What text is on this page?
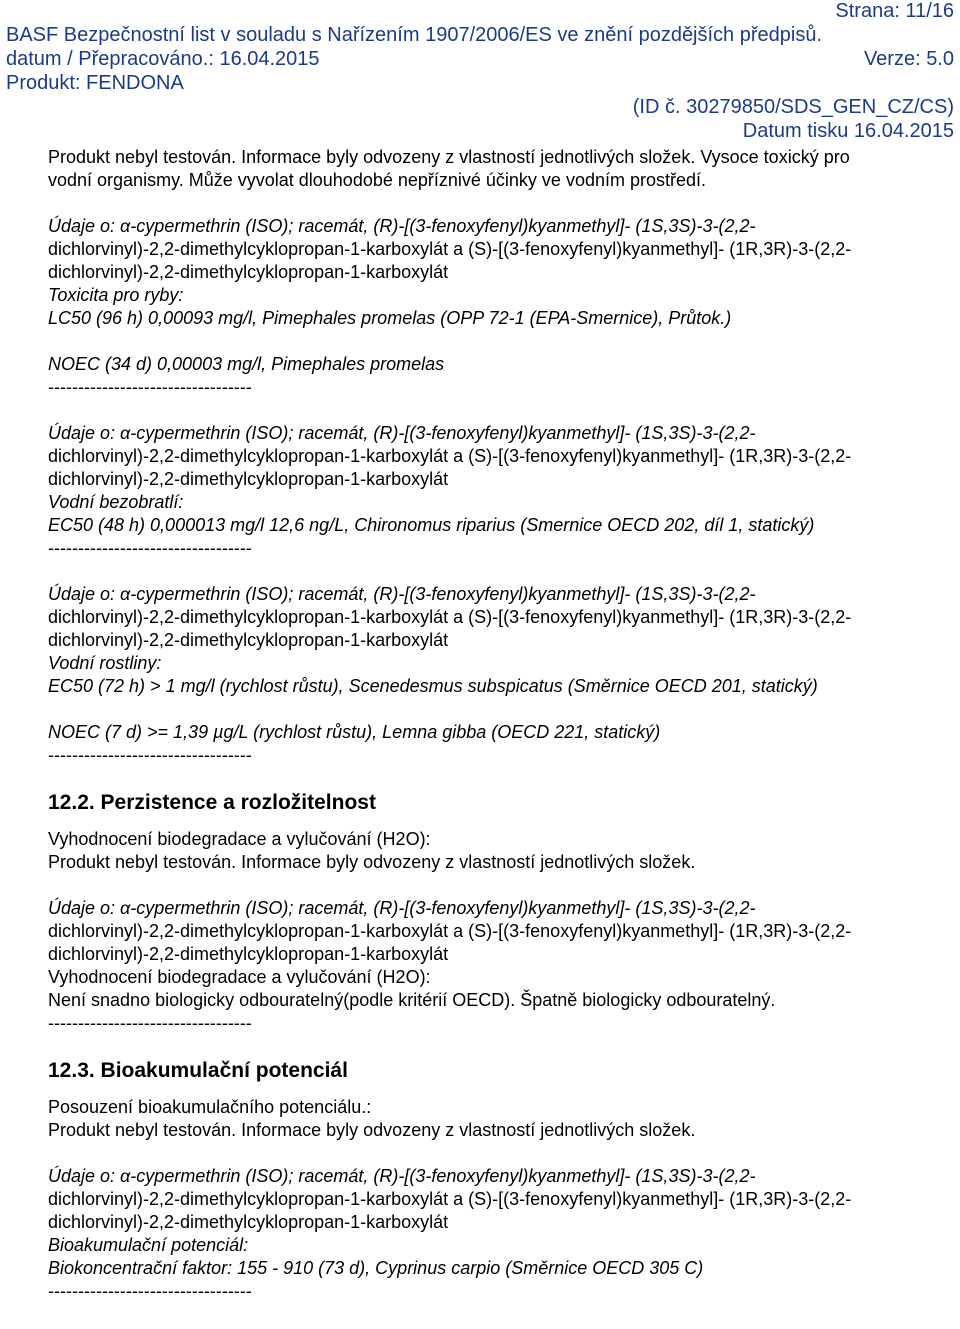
Strana: 11/16
BASF Bezpečnostní list v souladu s Nařízením 1907/2006/ES ve znění pozdějších předpisů.
datum / Přepracováno.: 16.04.2015	Verze: 5.0
Produkt: FENDONA
(ID č. 30279850/SDS_GEN_CZ/CS)
Datum tisku 16.04.2015

Produkt nebyl testován. Informace byly odvozeny z vlastností jednotlivých složek. Vysoce toxický pro

vodní organismy. Může vyvolat dlouhodobé nepříznivé účinky ve vodním prostředí.

Údaje o: α-cypermethrin (ISO); racemát, (R)-[(3-fenoxyfenyl)kyanmethyl]- (1S,3S)-3-(2,2-

dichlorvinyl)-2,2-dimethylcyklopropan-1-karboxylát a (S)-[(3-fenoxyfenyl)kyanmethyl]- (1R,3R)-3-(2,2-

dichlorvinyl)-2,2-dimethylcyklopropan-1-karboxylát

Toxicita pro ryby:

LC50 (96 h) 0,00093 mg/l, Pimephales promelas (OPP 72-1 (EPA-Smernice), Průtok.)

NOEC (34 d) 0,00003 mg/l, Pimephales promelas

----------------------------------

Údaje o: α-cypermethrin (ISO); racemát, (R)-[(3-fenoxyfenyl)kyanmethyl]- (1S,3S)-3-(2,2-

dichlorvinyl)-2,2-dimethylcyklopropan-1-karboxylát a (S)-[(3-fenoxyfenyl)kyanmethyl]- (1R,3R)-3-(2,2-

dichlorvinyl)-2,2-dimethylcyklopropan-1-karboxylát

Vodní bezobratlí:

EC50 (48 h) 0,000013 mg/l 12,6 ng/L, Chironomus riparius (Smernice OECD 202, díl 1, statický)

----------------------------------

Údaje o: α-cypermethrin (ISO); racemát, (R)-[(3-fenoxyfenyl)kyanmethyl]- (1S,3S)-3-(2,2-

dichlorvinyl)-2,2-dimethylcyklopropan-1-karboxylát a (S)-[(3-fenoxyfenyl)kyanmethyl]- (1R,3R)-3-(2,2-

dichlorvinyl)-2,2-dimethylcyklopropan-1-karboxylát

Vodní rostliny:

EC50 (72 h) > 1 mg/l (rychlost růstu), Scenedesmus subspicatus (Směrnice OECD 201, statický)

NOEC (7 d) >= 1,39 µg/L (rychlost růstu), Lemna gibba (OECD 221, statický)

----------------------------------

12.2. Perzistence a rozložitelnost

Vyhodnocení biodegradace a vylučování (H2O):

Produkt nebyl testován. Informace byly odvozeny z vlastností jednotlivých složek.

Údaje o: α-cypermethrin (ISO); racemát, (R)-[(3-fenoxyfenyl)kyanmethyl]- (1S,3S)-3-(2,2-

dichlorvinyl)-2,2-dimethylcyklopropan-1-karboxylát a (S)-[(3-fenoxyfenyl)kyanmethyl]- (1R,3R)-3-(2,2-

dichlorvinyl)-2,2-dimethylcyklopropan-1-karboxylát

Vyhodnocení biodegradace a vylučování (H2O):

Není snadno biologicky odbouratelný(podle kritérií OECD). Špatně biologicky odbouratelný.

----------------------------------

12.3. Bioakumulační potenciál

Posouzení bioakumulačního potenciálu.:

Produkt nebyl testován. Informace byly odvozeny z vlastností jednotlivých složek.

Údaje o: α-cypermethrin (ISO); racemát, (R)-[(3-fenoxyfenyl)kyanmethyl]- (1S,3S)-3-(2,2-

dichlorvinyl)-2,2-dimethylcyklopropan-1-karboxylát a (S)-[(3-fenoxyfenyl)kyanmethyl]- (1R,3R)-3-(2,2-

dichlorvinyl)-2,2-dimethylcyklopropan-1-karboxylát

Bioakumulační potenciál:

Biokoncentrační faktor: 155 - 910 (73 d), Cyprinus carpio (Směrnice OECD 305 C)

----------------------------------
